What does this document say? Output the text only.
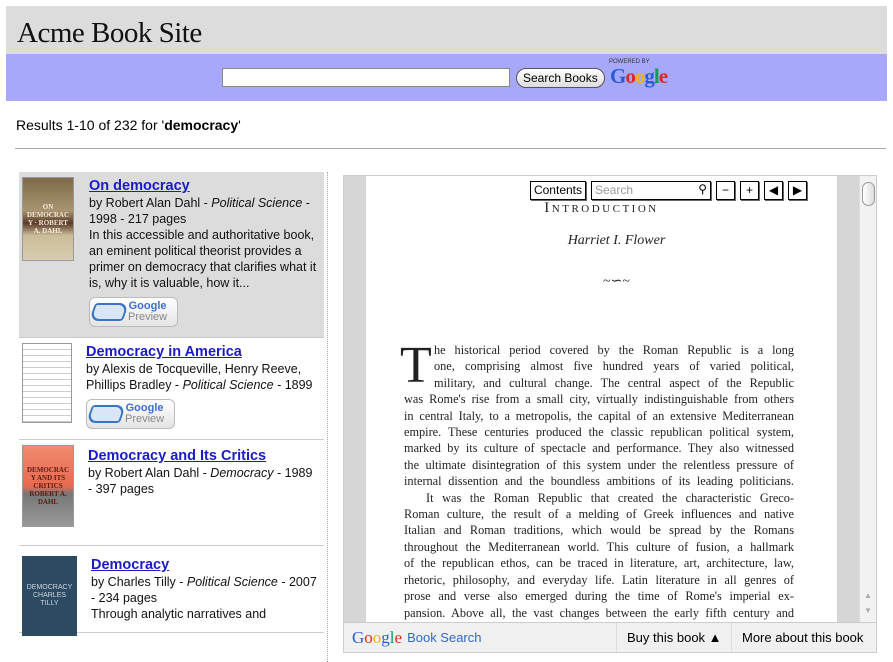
Acme Book Site
Search Books
POWERED BY
Google
Results 1-10 of 232 for 'democracy'
ON DEMOCRACY · ROBERT A. DAHL
On democracy
by Robert Alan Dahl - Political Science - 1998 - 217 pages
In this accessible and authoritative book, an eminent political theorist provides a primer on democracy that clarifies what it is, why it is valuable, how it...

Google
Preview
Democracy in America
by Alexis de Tocqueville, Henry Reeve, Phillips Bradley - Political Science - 1899

Google
Preview
DEMOCRACY AND ITS CRITICS ROBERT A. DAHL
Democracy and Its Critics
by Robert Alan Dahl - Democracy - 1989 - 397 pages
DEMOCRACY CHARLES TILLY
Democracy
by Charles Tilly - Political Science - 2007 - 234 pages
Through analytic narratives and
Introduction
Harriet I. Flower
~∽~
T he historical period covered by the Roman Republic is a long
one, comprising almost five hundred years of varied political,
military, and cultural change. The central aspect of the Republic
was Rome's rise from a small city, virtually indistinguishable from others
in central Italy, to a metropolis, the capital of an extensive Mediterranean
empire. These centuries produced the classic republican political system,
marked by its culture of spectacle and performance. They also witnessed
the ultimate disintegration of this system under the relentless pressure of
internal dissention and the boundless ambitions of its leading politicians.
It was the Roman Republic that created the characteristic Greco-
Roman culture, the result of a melding of Greek influences and native
Italian and Roman traditions, which would be spread by the Romans
throughout the Mediterranean world. This culture of fusion, a hallmark
of the republican ethos, can be traced in literature, art, architecture, law,
rhetoric, philosophy, and everyday life. Latin literature in all genres of
prose and verse also emerged during the time of Rome's imperial ex-
pansion. Above all, the vast changes between the early fifth century and
Contents	Search	⚲	−	+	◀	▶
▲
▼
Google Book Search	Buy this book ▲	More about this book
